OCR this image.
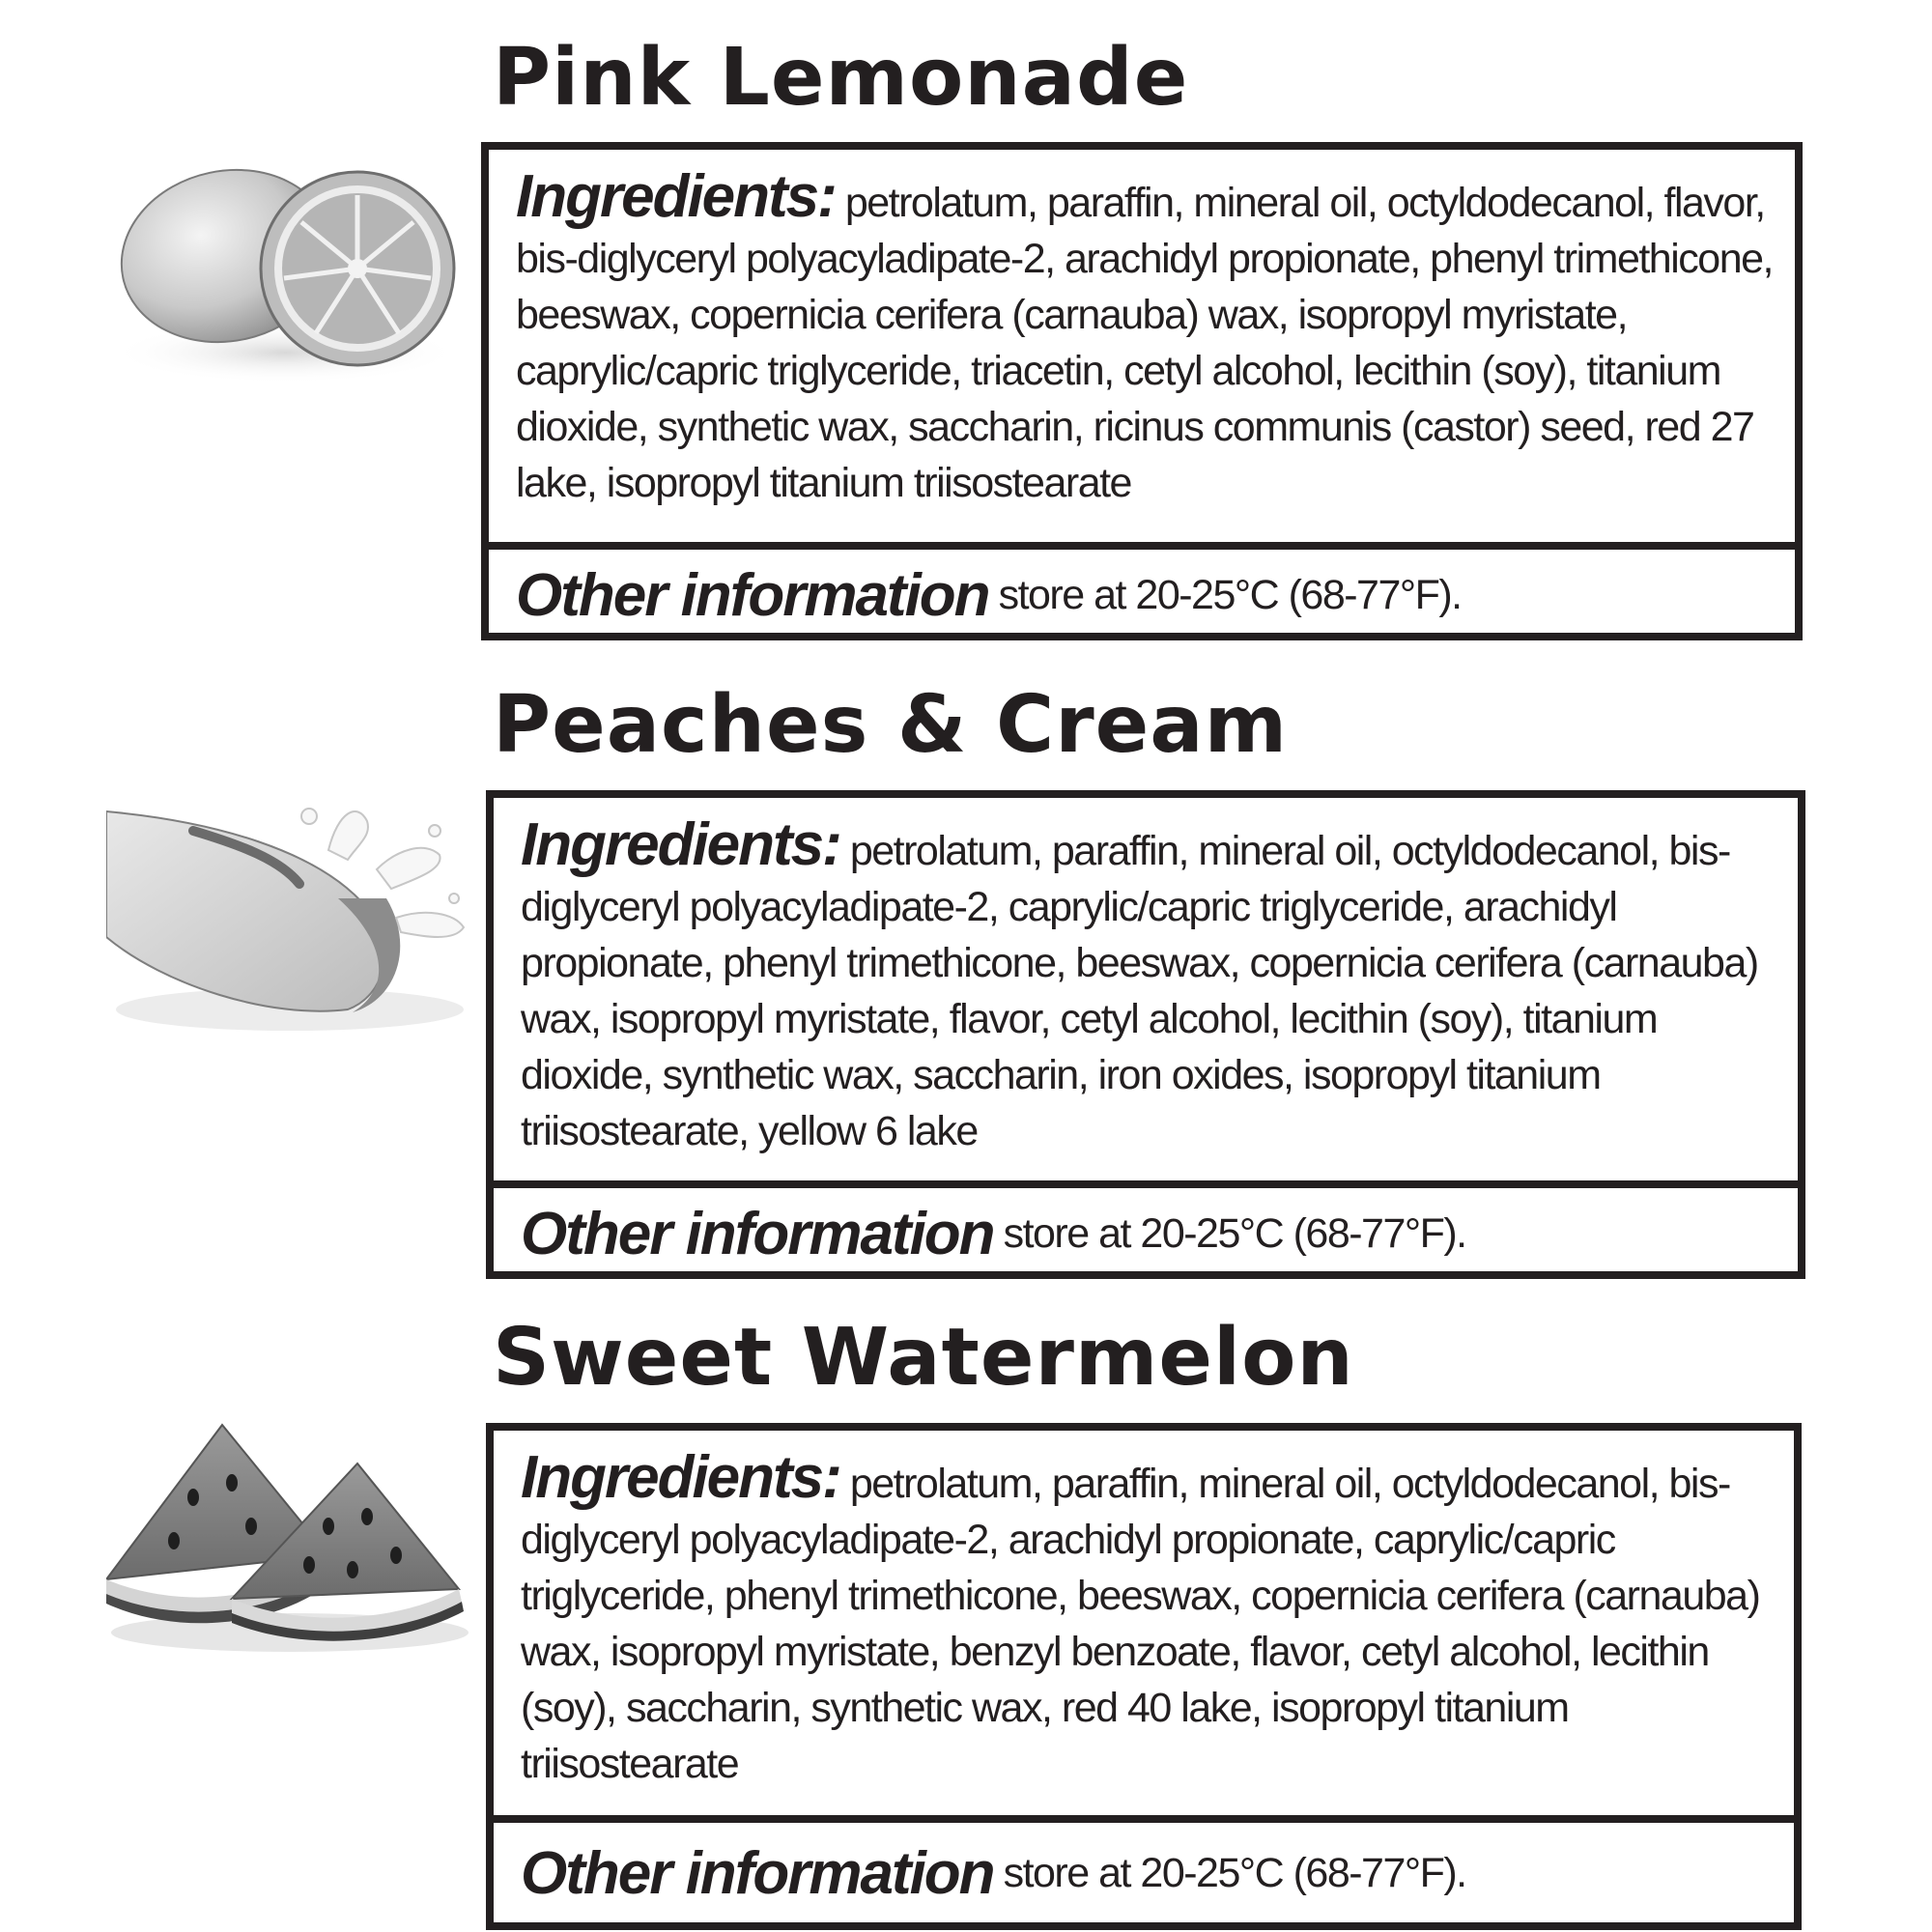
Pink Lemonade
Ingredients: petrolatum, paraffin, mineral oil, octyldodecanol, flavor, bis-diglyceryl polyacyladipate-2, arachidyl propionate, phenyl trimethicone, beeswax, copernicia cerifera (carnauba) wax, isopropyl myristate, caprylic/capric triglyceride, triacetin, cetyl alcohol, lecithin (soy), titanium dioxide, synthetic wax, saccharin, ricinus communis (castor) seed, red 27 lake, isopropyl titanium triisostearate
Other information store at 20-25°C (68-77°F).
Peaches & Cream
Ingredients: petrolatum, paraffin, mineral oil, octyldodecanol, bis-diglyceryl polyacyladipate-2, caprylic/capric triglyceride, arachidyl propionate, phenyl trimethicone, beeswax, copernicia cerifera (carnauba) wax, isopropyl myristate, flavor, cetyl alcohol, lecithin (soy), titanium dioxide, synthetic wax, saccharin, iron oxides, isopropyl titanium triisostearate, yellow 6 lake
Other information store at 20-25°C (68-77°F).
Sweet Watermelon
Ingredients: petrolatum, paraffin, mineral oil, octyldodecanol, bis-diglyceryl polyacyladipate-2, arachidyl propionate, caprylic/capric triglyceride, phenyl trimethicone, beeswax, copernicia cerifera (carnauba) wax, isopropyl myristate, benzyl benzoate, flavor, cetyl alcohol, lecithin (soy), saccharin, synthetic wax, red 40 lake, isopropyl titanium triisostearate
Other information store at 20-25°C (68-77°F).
